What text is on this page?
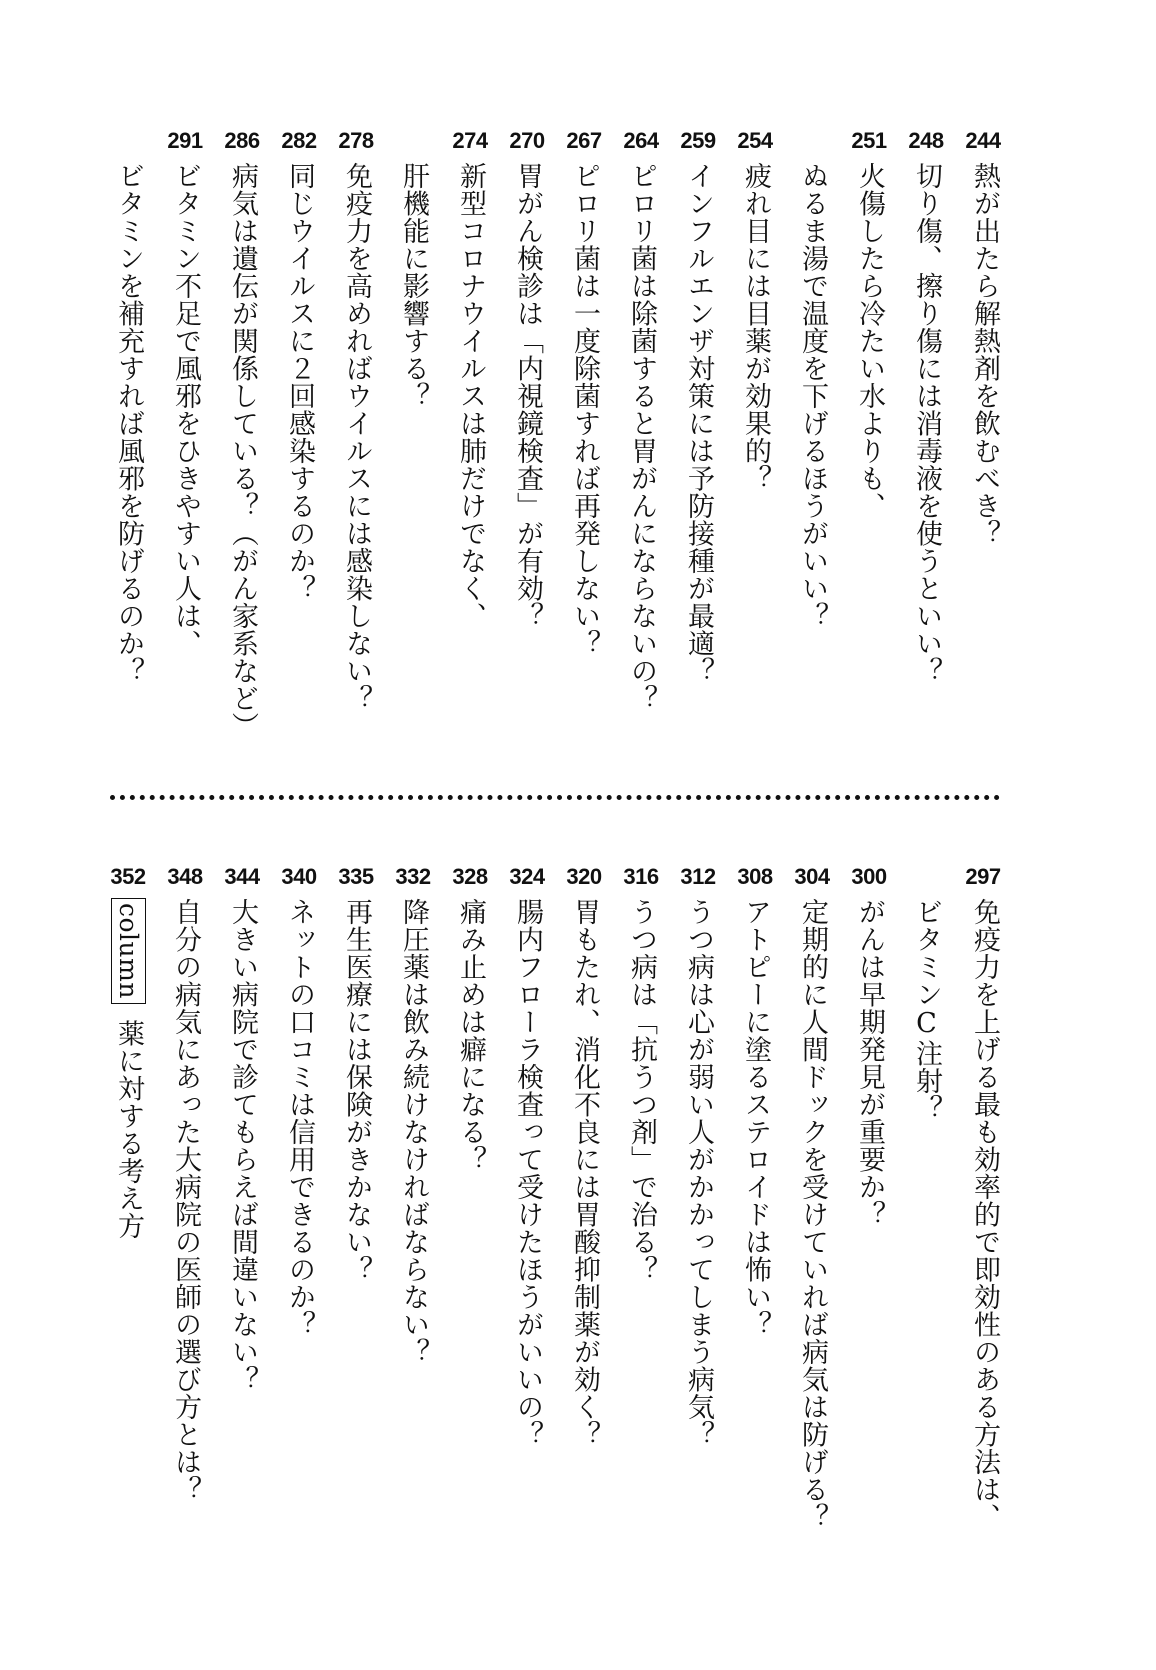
244
熱が出たら解熱剤を飲むべき？
248
切り傷、擦り傷には消毒液を使うといい？
251
火傷したら冷たい水よりも、
ぬるま湯で温度を下げるほうがいい？
254
疲れ目には目薬が効果的？
259
インフルエンザ対策には予防接種が最適？
264
ピロリ菌は除菌すると胃がんにならないの？
267
ピロリ菌は一度除菌すれば再発しない？
270
胃がん検診は「内視鏡検査」が有効？
274
新型コロナウイルスは肺だけでなく、
肝機能に影響する？
278
免疫力を高めればウイルスには感染しない？
282
同じウイルスに２回感染するのか？
286
病気は遺伝が関係している？（がん家系など）
291
ビタミン不足で風邪をひきやすい人は、
ビタミンを補充すれば風邪を防げるのか？
297
免疫力を上げる最も効率的で即効性のある方法は、
ビタミンC注射？
300
がんは早期発見が重要か？
304
定期的に人間ドックを受けていれば病気は防げる？
308
アトピーに塗るステロイドは怖い？
312
うつ病は心が弱い人がかかってしまう病気？
316
うつ病は「抗うつ剤」で治る？
320
胃もたれ、消化不良には胃酸抑制薬が効く？
324
腸内フローラ検査って受けたほうがいいの？
328
痛み止めは癖になる？
332
降圧薬は飲み続けなければならない？
335
再生医療には保険がきかない？
340
ネットの口コミは信用できるのか？
344
大きい病院で診てもらえば間違いない？
348
自分の病気にあった大病院の医師の選び方とは？
352
column薬に対する考え方
